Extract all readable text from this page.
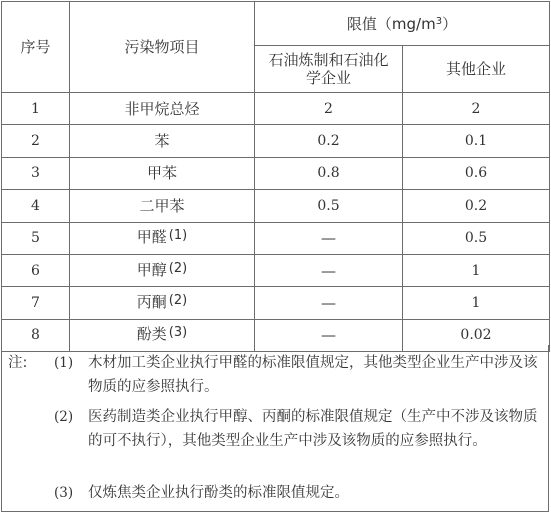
序号	污染物项目	限值$(mg/m^3)$	

		石油炼制和石油化学企业	其他企业
1	非甲烷总烃	2	2
2	苯	0.2	0.1
3	甲苯	0.8	0.6
4	二甲苯	0.5	0.2
5	甲醛 (1)	—	0.5
6	甲醇 (2)	—	1
7	丙酮 (2)	—	1
8	酚类 (3)	—	0.02
注: (1)	木材加工类企业执行甲醛的标准限值规定，其他类型企业生产中涉及该物质的应参照执行。
(2)	医药制造类企业执行甲醇、丙酮的标准限值规定（生产中不涉及该物质的可不执行），其他类型企业生产中涉及该物质的应参照执行。
(3)	仅炼焦类企业执行酚类的标准限值规定。
